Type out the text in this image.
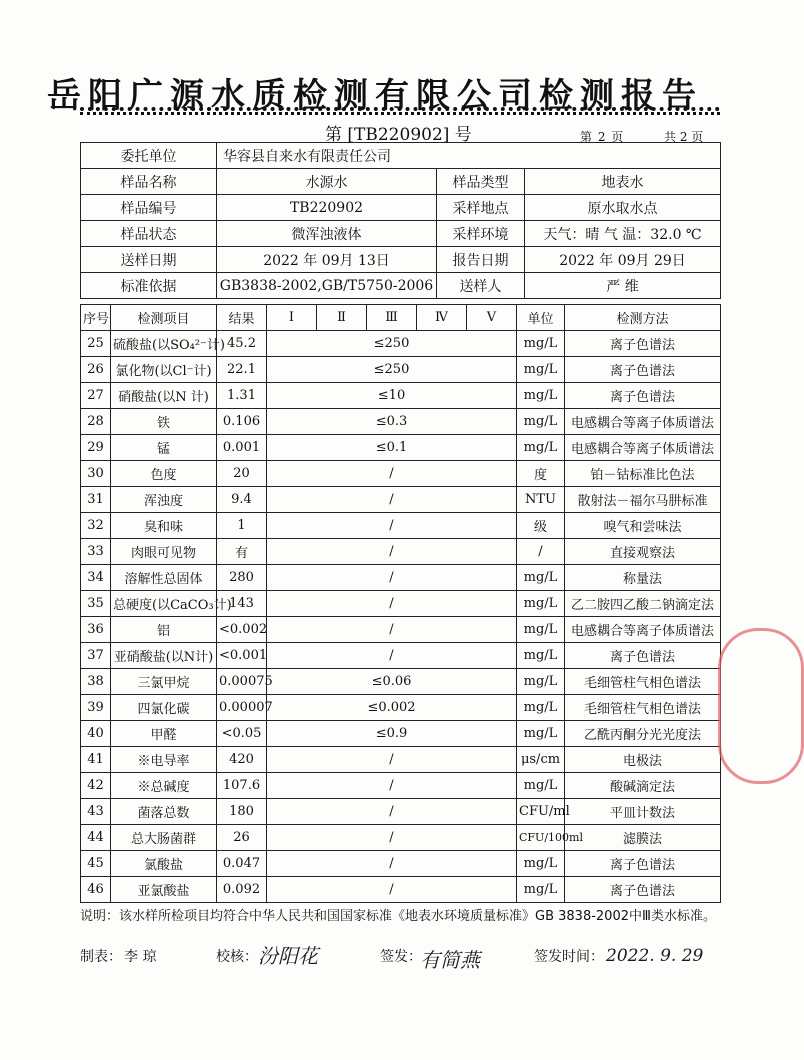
岳阳广源水质检测有限公司检测报告
第 [TB220902] 号	第 2 页	共 2 页
委托单位	华容县自来水有限责任公司		
样品名称	水源水	样品类型	地表水
样品编号	TB220902	采样地点	原水取水点
样品状态	微浑浊液体	采样环境	天气：晴 气 温：32.0 ℃
送样日期	2022 年 09月 13日	报告日期	2022 年 09月 29日
标准依据	GB3838-2002,GB/T5750-2006	送样人	严 维
序号	检测项目	结果	Ⅰ	Ⅱ	Ⅲ	Ⅳ	Ⅴ	单位	检测方法
25	硫酸盐(以SO₄²⁻计)	45.2	≤250					mg/L	离子色谱法
26	氯化物(以Cl⁻计)	22.1	≤250					mg/L	离子色谱法
27	硝酸盐(以N 计)	1.31	≤10					mg/L	离子色谱法
28	铁	0.106	≤0.3					mg/L	电感耦合等离子体质谱法
29	锰	0.001	≤0.1					mg/L	电感耦合等离子体质谱法
30	色度	20	/					度	铂－钴标准比色法
31	浑浊度	9.4	/					NTU	散射法－福尔马肼标准
32	臭和味	1	/					级	嗅气和尝味法
33	肉眼可见物	有	/					/	直接观察法
34	溶解性总固体	280	/					mg/L	称量法
35	总硬度(以CaCO₃计)	143	/					mg/L	乙二胺四乙酸二钠滴定法
36	铝	<0.002	/					mg/L	电感耦合等离子体质谱法
37	亚硝酸盐(以N计)	<0.001	/					mg/L	离子色谱法
38	三氯甲烷	0.00075	≤0.06					mg/L	毛细管柱气相色谱法
39	四氯化碳	0.00007	≤0.002					mg/L	毛细管柱气相色谱法
40	甲醛	<0.05	≤0.9					mg/L	乙酰丙酮分光光度法
41	※电导率	420	/					μs/cm	电极法
42	※总碱度	107.6	/					mg/L	酸碱滴定法
43	菌落总数	180	/					CFU/ml	平皿计数法
44	总大肠菌群	26	/					CFU/100ml	滤膜法
45	氯酸盐	0.047	/					mg/L	离子色谱法
46	亚氯酸盐	0.092	/					mg/L	离子色谱法
说明：该水样所检项目均符合中华人民共和国国家标准《地表水环境质量标准》GB 3838-2002中Ⅲ类水标准。
制表： 李 琼	校核： 汾阳花	签发：
有简燕	签发时间： 2022. 9. 29
